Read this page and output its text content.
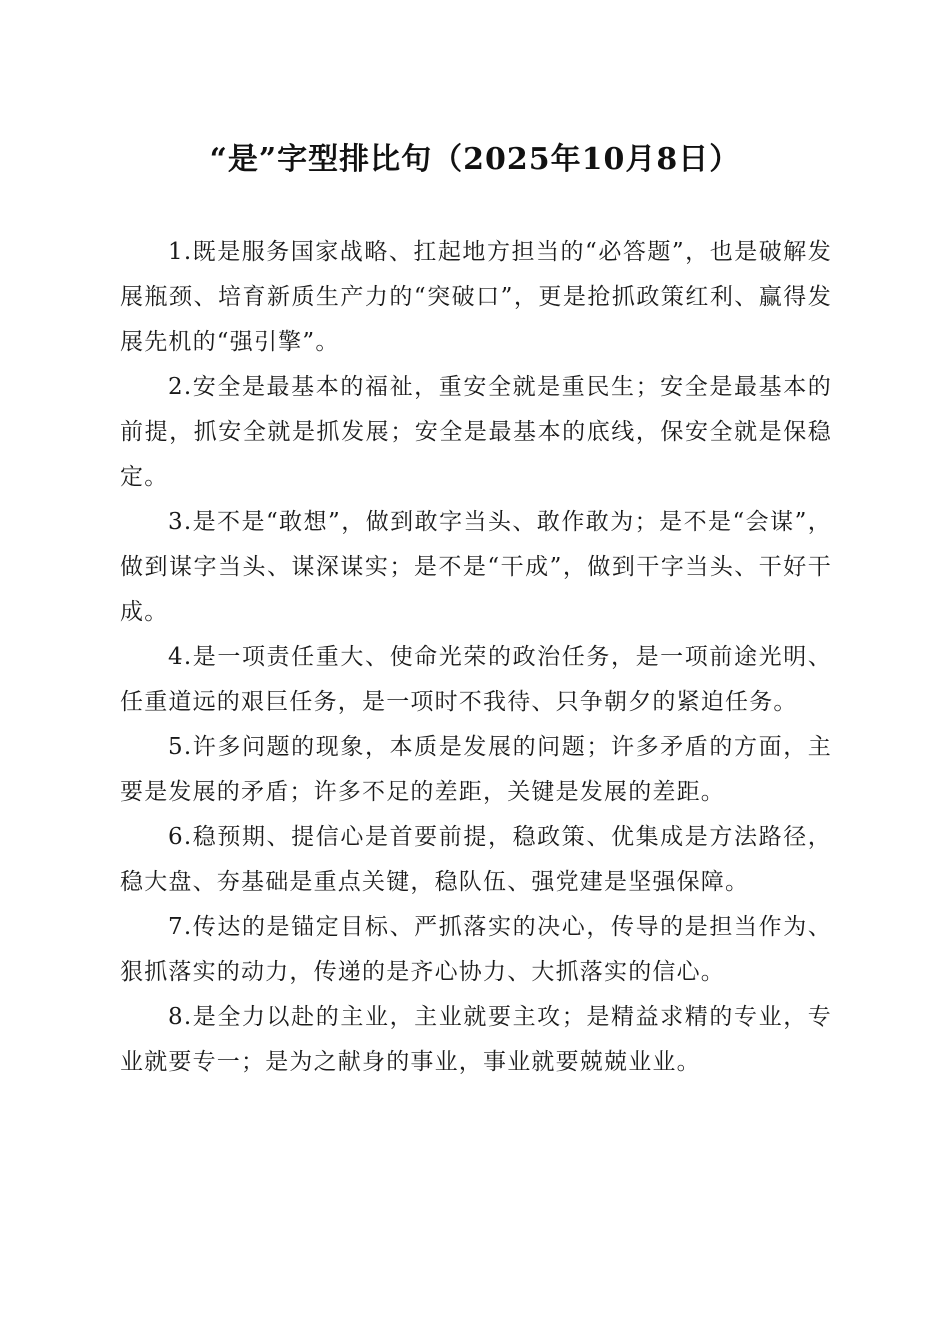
“是”字型排比句（2025年10月8日）

1.既是服务国家战略、扛起地方担当的“必答题”，也是破解发展瓶颈、培育新质生产力的“突破口”，更是抢抓政策红利、赢得发展先机的“强引擎”。

2.安全是最基本的福祉，重安全就是重民生；安全是最基本的前提，抓安全就是抓发展；安全是最基本的底线，保安全就是保稳定。

3.是不是“敢想”，做到敢字当头、敢作敢为；是不是“会谋”，做到谋字当头、谋深谋实；是不是“干成”，做到干字当头、干好干成。

4.是一项责任重大、使命光荣的政治任务，是一项前途光明、任重道远的艰巨任务，是一项时不我待、只争朝夕的紧迫任务。

5.许多问题的现象，本质是发展的问题；许多矛盾的方面，主要是发展的矛盾；许多不足的差距，关键是发展的差距。

6.稳预期、提信心是首要前提，稳政策、优集成是方法路径，稳大盘、夯基础是重点关键，稳队伍、强党建是坚强保障。

7.传达的是锚定目标、严抓落实的决心，传导的是担当作为、狠抓落实的动力，传递的是齐心协力、大抓落实的信心。

8.是全力以赴的主业，主业就要主攻；是精益求精的专业，专业就要专一；是为之献身的事业，事业就要兢兢业业。
